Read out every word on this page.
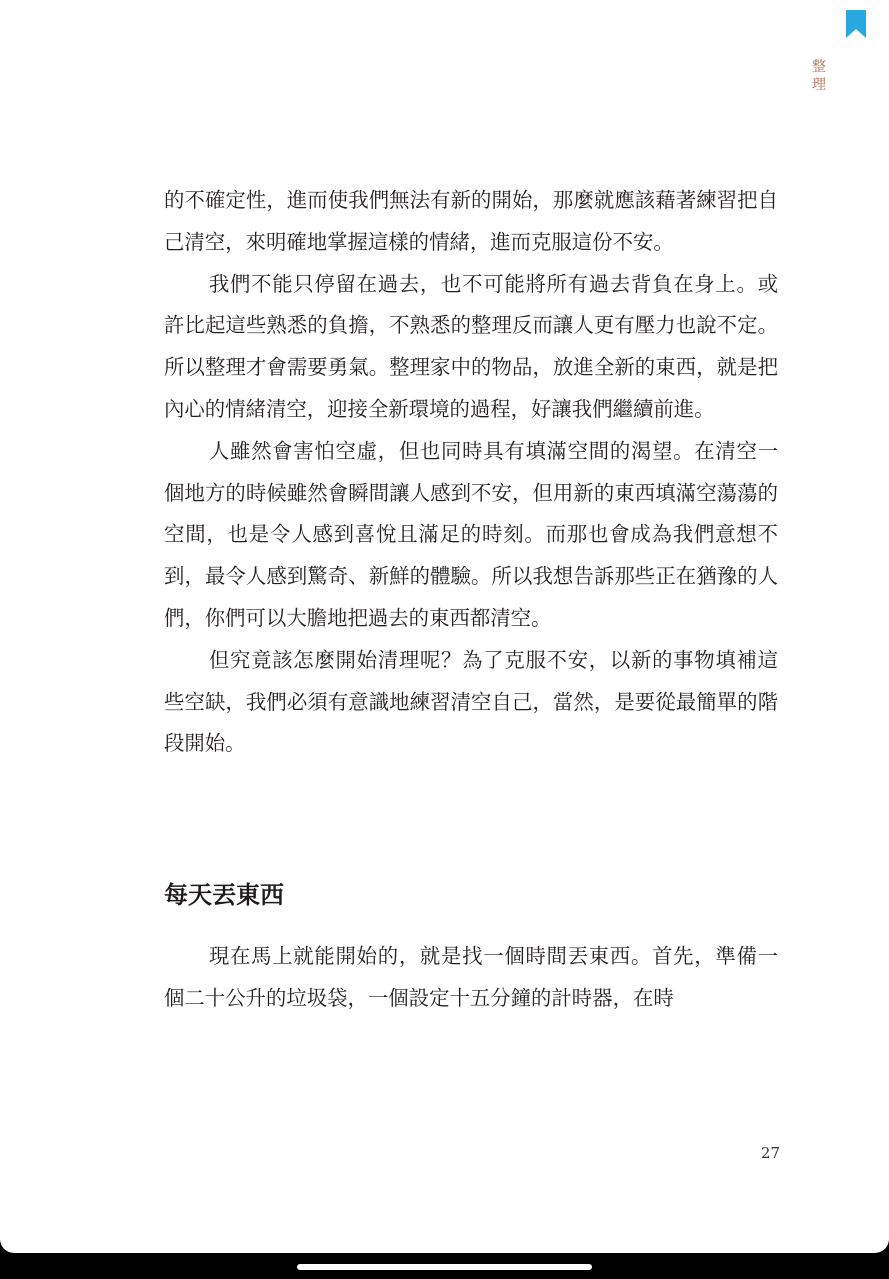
整理

的不確定性，進而使我們無法有新的開始，那麼就應該藉著練習把自己清空，來明確地掌握這樣的情緒，進而克服這份不安。

我們不能只停留在過去，也不可能將所有過去背負在身上。或許比起這些熟悉的負擔，不熟悉的整理反而讓人更有壓力也說不定。所以整理才會需要勇氣。整理家中的物品，放進全新的東西，就是把內心的情緒清空，迎接全新環境的過程，好讓我們繼續前進。

人雖然會害怕空虛，但也同時具有填滿空間的渴望。在清空一個地方的時候雖然會瞬間讓人感到不安，但用新的東西填滿空蕩蕩的空間，也是令人感到喜悅且滿足的時刻。而那也會成為我們意想不到，最令人感到驚奇、新鮮的體驗。所以我想告訴那些正在猶豫的人們，你們可以大膽地把過去的東西都清空。

但究竟該怎麼開始清理呢？為了克服不安，以新的事物填補這些空缺，我們必須有意識地練習清空自己，當然，是要從最簡單的階段開始。

每天丟東西

現在馬上就能開始的，就是找一個時間丟東西。首先，準備一個二十公升的垃圾袋，一個設定十五分鐘的計時器，在時

27
